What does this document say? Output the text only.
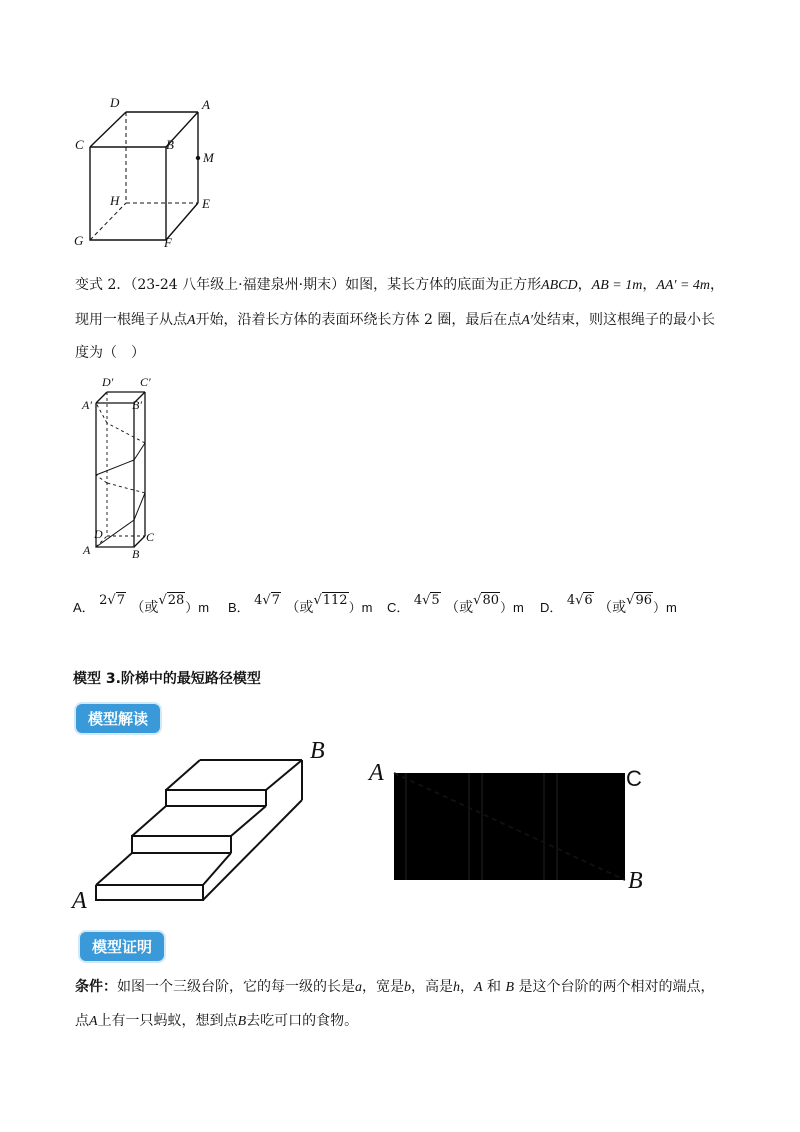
D	A
C	B
M
H	E
G	F
变式 2．（23-24 八年级上·福建泉州·期末）如图，某长方体的底面为正方形ABCD，AB = 1m，AA′ = 4m，
现用一根绳子从点A开始，沿着长方体的表面环绕长方体 2 圈，最后在点A′处结束，则这根绳子的最小长
度为（　）
D′ C′
A′	B′
D	C
A	B
A． 2√7 （或√28）m B． 4√7 （或√112）m C． 4√5 （或√80）m D． 4√6 （或√96）m
模型 3.阶梯中的最短路径模型
模型解读
B
A
A	C
B
模型证明
条件：如图一个三级台阶，它的每一级的长是a，宽是b，高是h，A 和 B 是这个台阶的两个相对的端点，
点A上有一只蚂蚁，想到点B去吃可口的食物。
